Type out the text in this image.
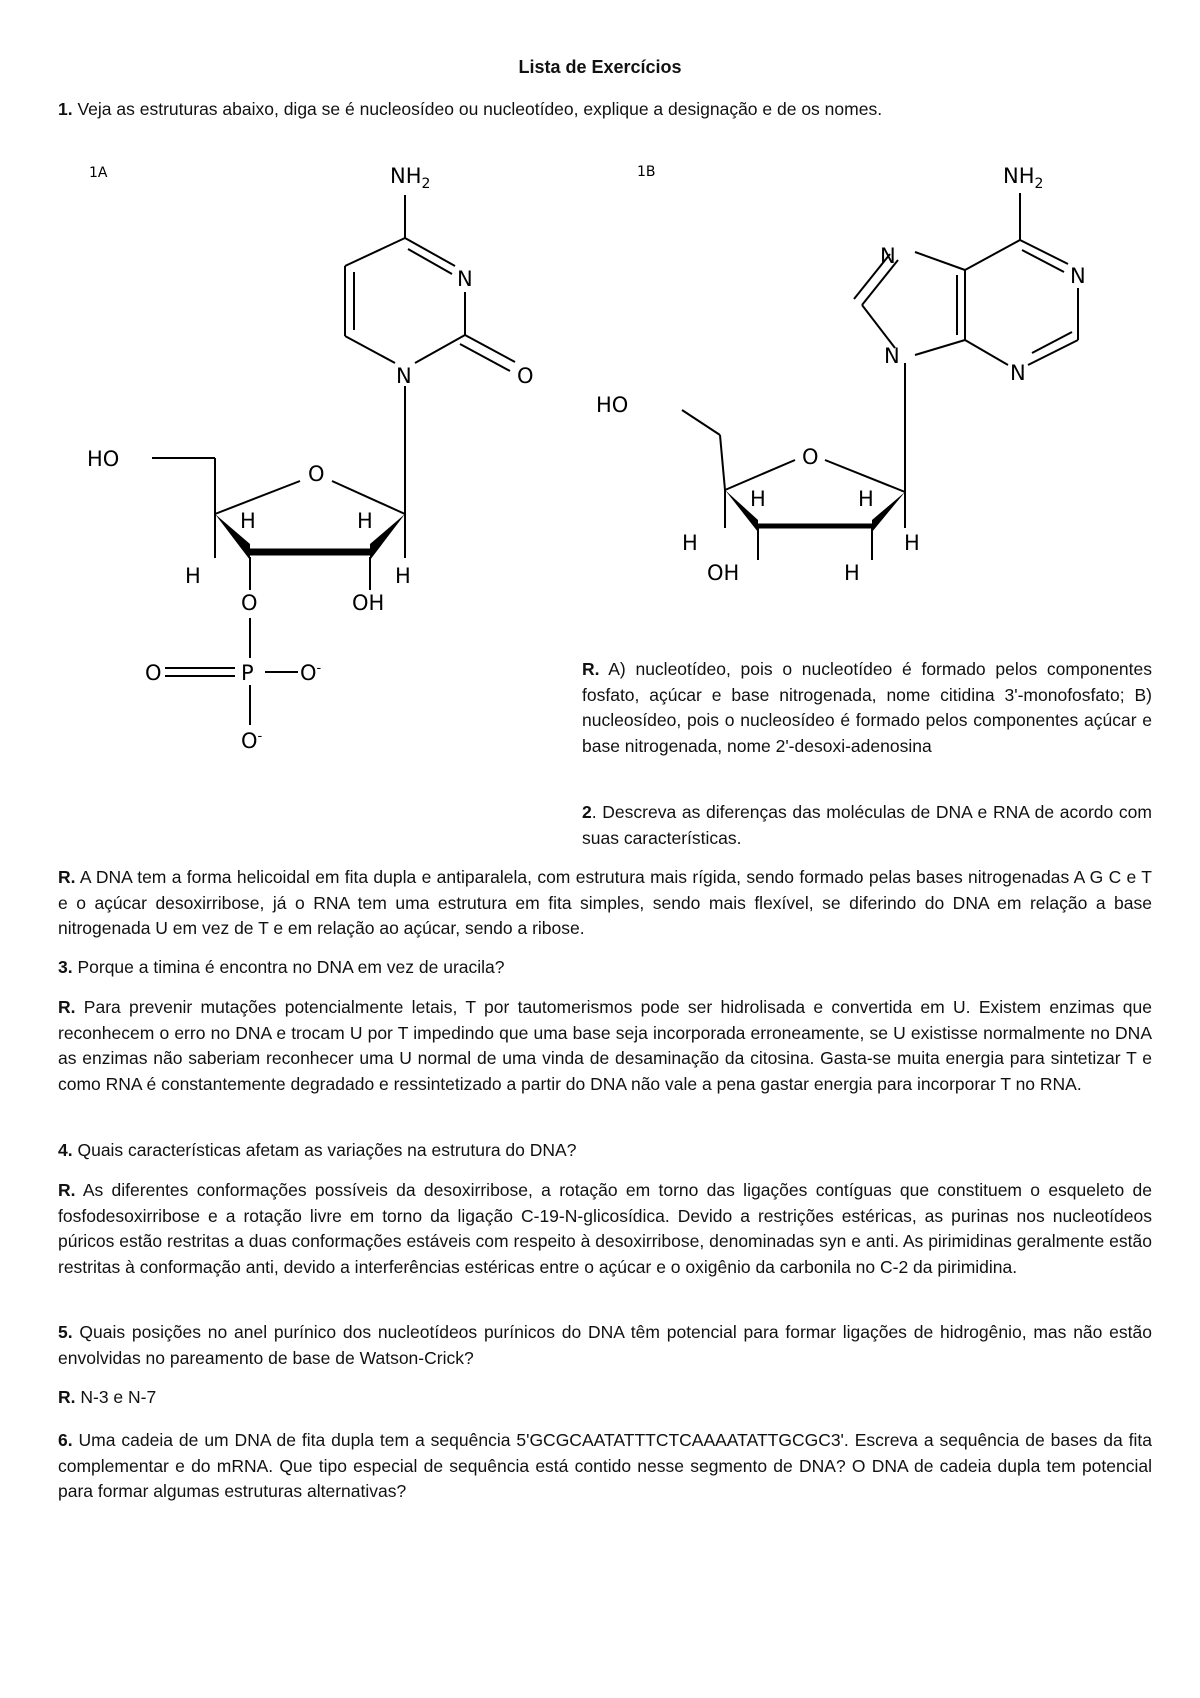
Lista de Exercícios
1. Veja as estruturas abaixo, diga se é nucleosídeo ou nucleotídeo, explique a designação e de os nomes.
1A	$NH_2$
N
N	O
HO
O
H	H
H	H
OH
O
P
O	O-
O-
1B	$NH_2$
N
N
N
N
HO
O
H	H
H	H
OH	H
R. A) nucleotídeo, pois o nucleotídeo é formado pelos componentes fosfato, açúcar e base nitrogenada, nome citidina 3'-monofosfato; B) nucleosídeo, pois o nucleosídeo é formado pelos componentes açúcar e base nitrogenada, nome 2'-desoxi-adenosina
2. Descreva as diferenças das moléculas de DNA e RNA de acordo com suas características.
R. A DNA tem a forma helicoidal em fita dupla e antiparalela, com estrutura mais rígida, sendo formado pelas bases nitrogenadas A G C e T e o açúcar desoxirribose, já o RNA tem uma estrutura em fita simples, sendo mais flexível, se diferindo do DNA em relação a base nitrogenada U em vez de T e em relação ao açúcar, sendo a ribose.
3. Porque a timina é encontra no DNA em vez de uracila?
R. Para prevenir mutações potencialmente letais, T por tautomerismos pode ser hidrolisada e convertida em U. Existem enzimas que reconhecem o erro no DNA e trocam U por T impedindo que uma base seja incorporada erroneamente, se U existisse normalmente no DNA as enzimas não saberiam reconhecer uma U normal de uma vinda de desaminação da citosina. Gasta-se muita energia para sintetizar T e como RNA é constantemente degradado e ressintetizado a partir do DNA não vale a pena gastar energia para incorporar T no RNA.
4. Quais características afetam as variações na estrutura do DNA?
R. As diferentes conformações possíveis da desoxirribose, a rotação em torno das ligações contíguas que constituem o esqueleto de fosfodesoxirribose e a rotação livre em torno da ligação C-19-N-glicosídica. Devido a restrições estéricas, as purinas nos nucleotídeos púricos estão restritas a duas conformações estáveis com respeito à desoxirribose, denominadas syn e anti. As pirimidinas geralmente estão restritas à conformação anti, devido a interferências estéricas entre o açúcar e o oxigênio da carbonila no C-2 da pirimidina.
5. Quais posições no anel purínico dos nucleotídeos purínicos do DNA têm potencial para formar ligações de hidrogênio, mas não estão envolvidas no pareamento de base de Watson-Crick?
R. N-3 e N-7
6. Uma cadeia de um DNA de fita dupla tem a sequência 5'GCGCAATATTTCTCAAAATATTGCGC3'. Escreva a sequência de bases da fita complementar e do mRNA. Que tipo especial de sequência está contido nesse segmento de DNA? O DNA de cadeia dupla tem potencial para formar algumas estruturas alternativas?
